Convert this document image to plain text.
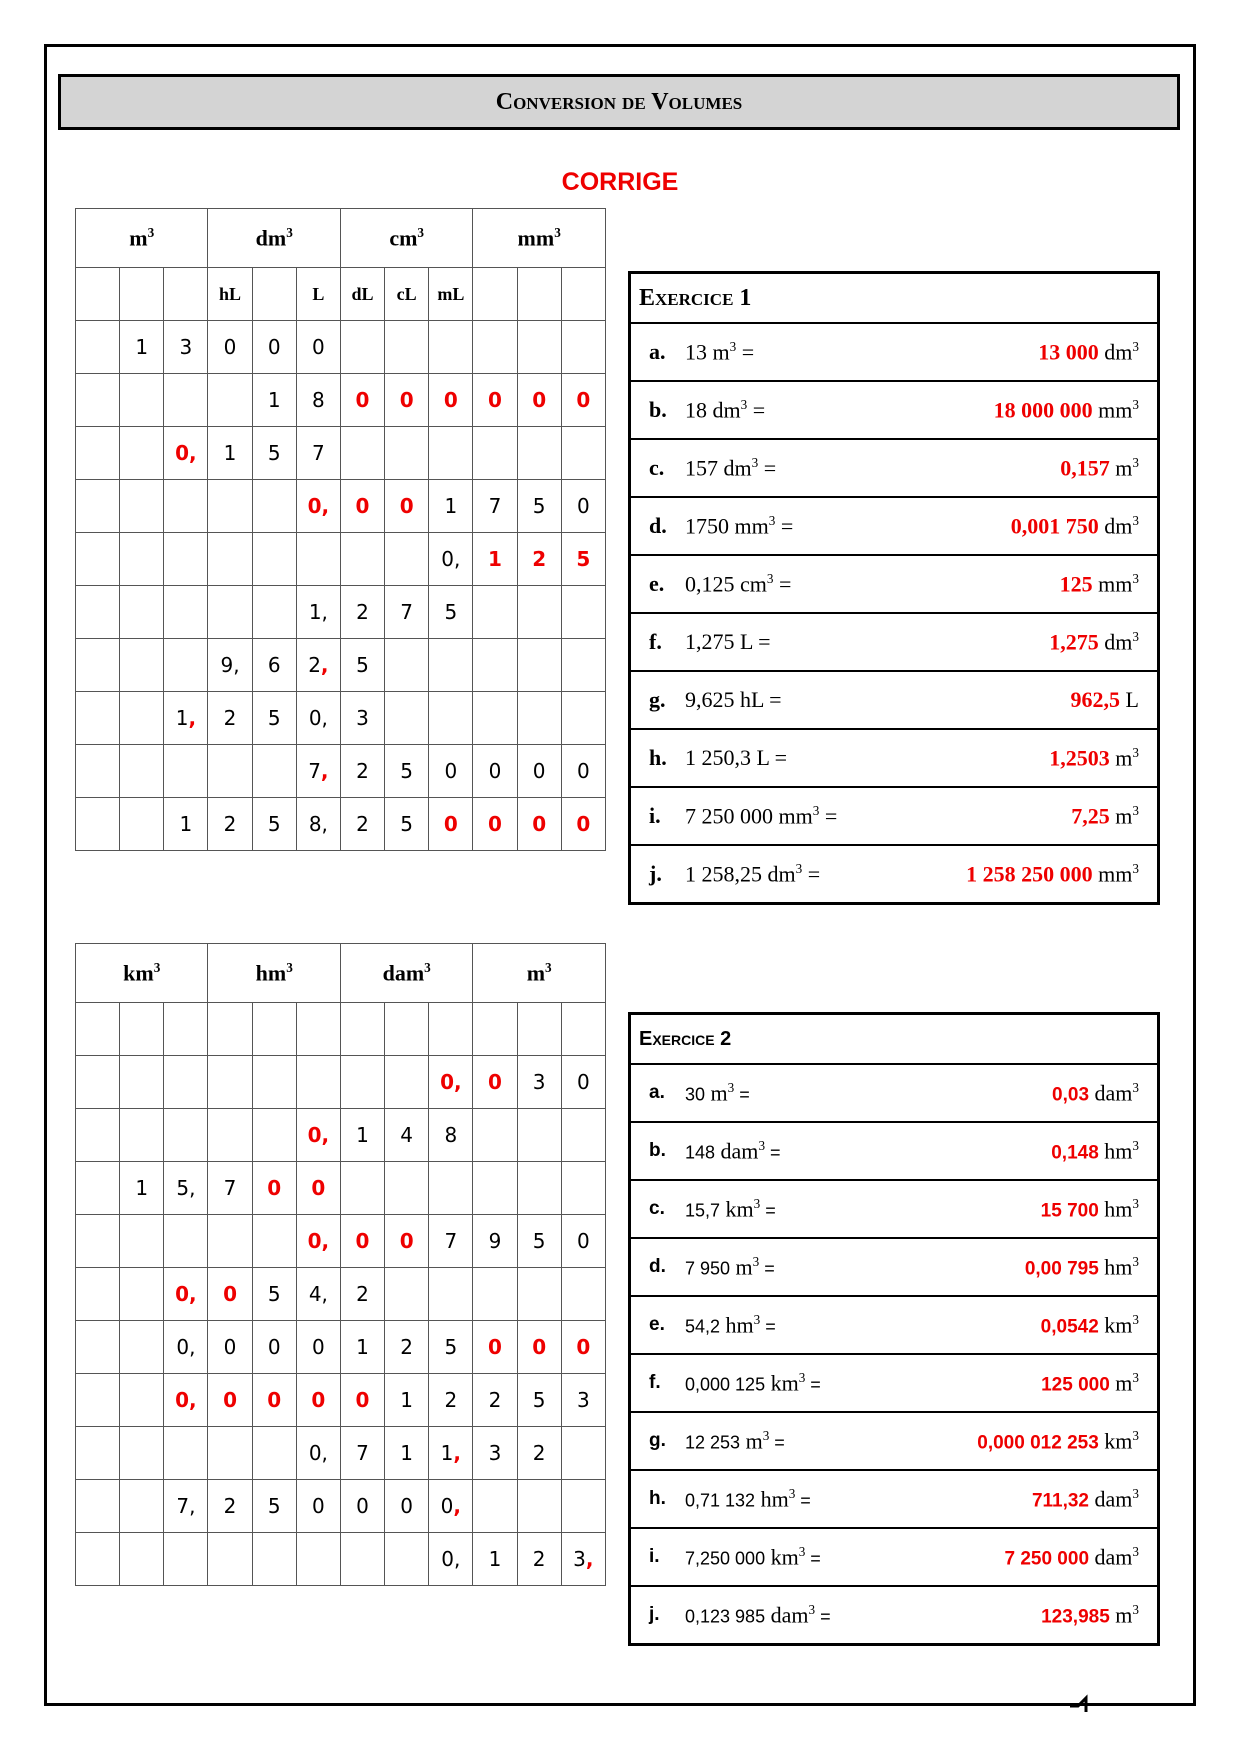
Conversion de Volumes
CORRIGE
$m^3$			$dm^3$			$cm^3$			$mm^3$
			hL		L	dL	cL	mL			
	1	3	0	0	0						
				1	8	0	0	0	0	0	0
		0,	1	5	7						
					0,	0	0	1	7	5	0
								0,	1	2	5
					1,	2	7	5			
			9,	6	2,	5					
		1,	2	5	0,	3					
					7,	2	5	0	0	0	0
		1	2	5	8,	2	5	0	0	0	0
$km^3$			$hm^3$			dam$^3$			$m^3$

								0,	0	3	0
					0,	1	4	8			
	1	5,	7	0	0						
					0,	0	0	7	9	5	0
		0,	0	5	4,	2					
		0,	0	0	0	1	2	5	0	0	0
		0,	0	0	0	0	1	2	2	5	3
					0,	7	1	1,	3	2	
		7,	2	5	0	0	0	0,			
								0,	1	2	3,
Exercice 1

a. 13 $m^3$ =	13 000 $dm^3$

b. 18 $dm^3$ =	18 000 000 $mm^3$

c. 157 $dm^3$ =	0,157 $m^3$

d. 1750 $mm^3$ =	0,001 750 $dm^3$

e. 0,125 $cm^3$ =	125 $mm^3$

f.	1,275 L =	1,275 $dm^3$

g. 9,625 hL =	962,5 L

h. 1 250,3 L =	1,2503 $m^3$

i.	7 250 000 $mm^3$ =	7,25 $m^3$

j.	1 258,25 $dm^3$ =	1 258 250 000 $mm^3$
Exercice 2

a.	30 $m^3$ =	0,03 dam$^3$

b.	148 dam$^3$ =	0,148 $hm^3$

c.	15,7 $km^3$ =	15 700 $hm^3$

d.	7 950 $m^3$ =	0,00 795 $hm^3$

e.	54,2 $hm^3$ =	0,0542 $km^3$

f.	0,000 125 $km^3$ =	125 000 $m^3$

g.	12 253 $m^3$ =	0,000 012 253 $km^3$

h.	0,71 132 $hm^3$ =	711,32 dam$^3$

i.	7,250 000 $km^3$ =	7 250 000 dam$^3$

j.	0,123 985 dam$^3$ =	123,985 $m^3$
